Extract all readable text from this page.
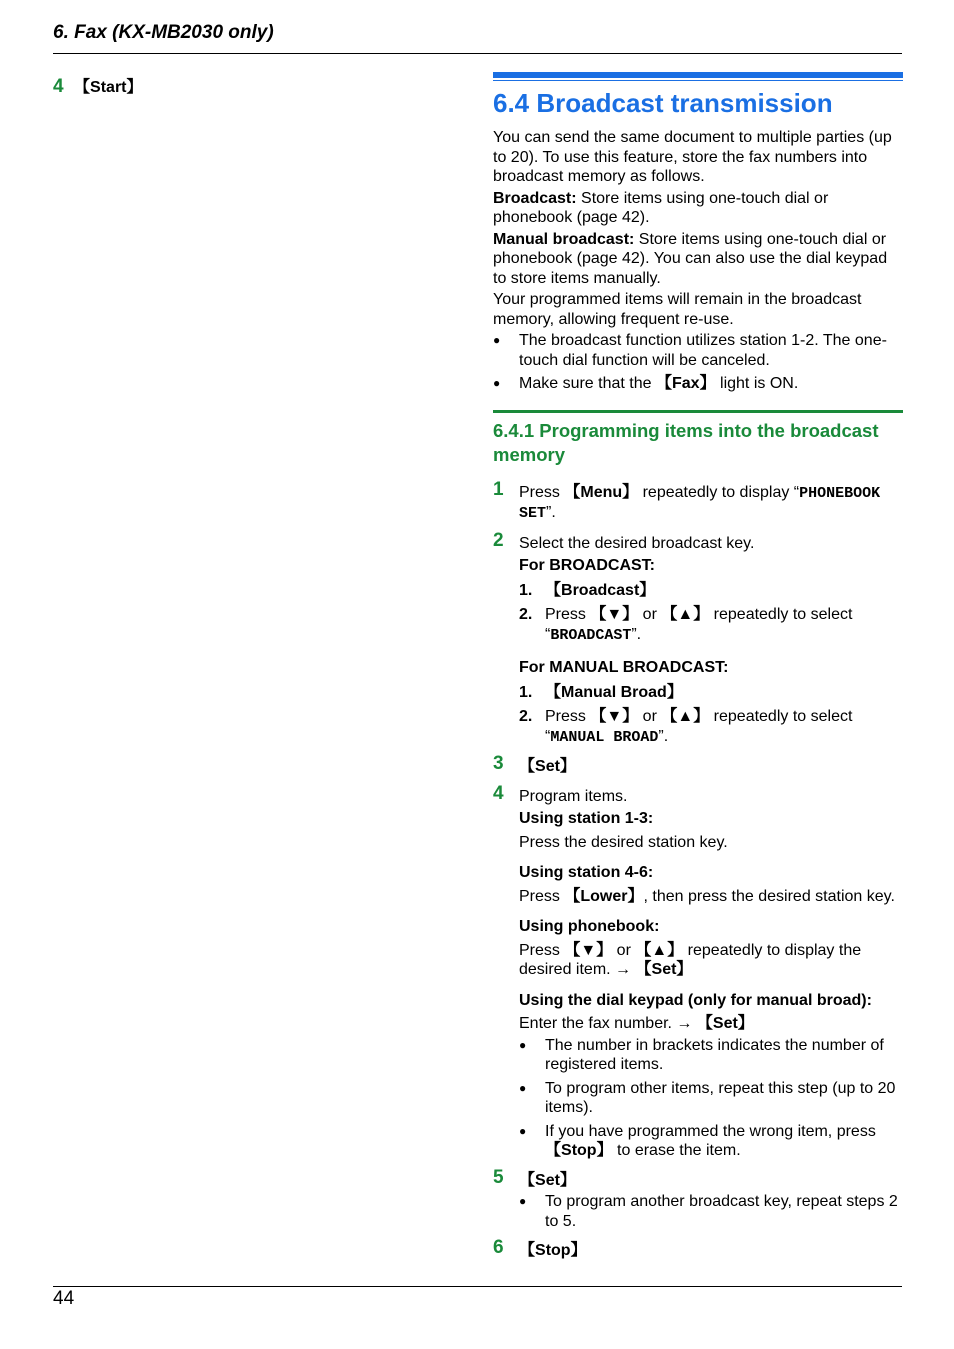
6. Fax (KX-MB2030 only)
4 【 Start 】
6.4 Broadcast transmission

You can send the same document to multiple parties (up to 20). To use this feature, store the fax numbers into broadcast memory as follows.

Broadcast: Store items using one-touch dial or phonebook (page 42).

Manual broadcast: Store items using one-touch dial or phonebook (page 42). You can also use the dial keypad to store items manually.

Your programmed items will remain in the broadcast memory, allowing frequent re-use.

● The broadcast function utilizes station 1-2. The one-touch dial function will be canceled.
● Make sure that the 【 Fax 】 light is ON.
6.4.1 Programming items into the broadcast memory
1 Press 【 Menu 】 repeatedly to display “PHONEBOOK SET”.
2 Select the desired broadcast key.
For BROADCAST:
1. 【 Broadcast 】
2. Press 【 ▼ 】 or 【 ▲ 】 repeatedly to select “BROADCAST”.
For MANUAL BROADCAST:
1. 【 Manual Broad 】
2. Press 【 ▼ 】 or 【 ▲ 】 repeatedly to select “MANUAL BROAD”.
3 【 Set 】
4 Program items.
Using station 1-3:
Press the desired station key.
Using station 4-6:
Press 【 Lower 】 , then press the desired station key.
Using phonebook:
Press 【 ▼ 】 or 【 ▲ 】 repeatedly to display the desired item. → 【 Set 】
Using the dial keypad (only for manual broad):
Enter the fax number. → 【 Set 】
● The number in brackets indicates the number of registered items.
● To program other items, repeat this step (up to 20 items).
● If you have programmed the wrong item, press 【 Stop 】 to erase the item.
5 【 Set 】
● To program another broadcast key, repeat steps 2 to 5.
6 【 Stop 】
44
